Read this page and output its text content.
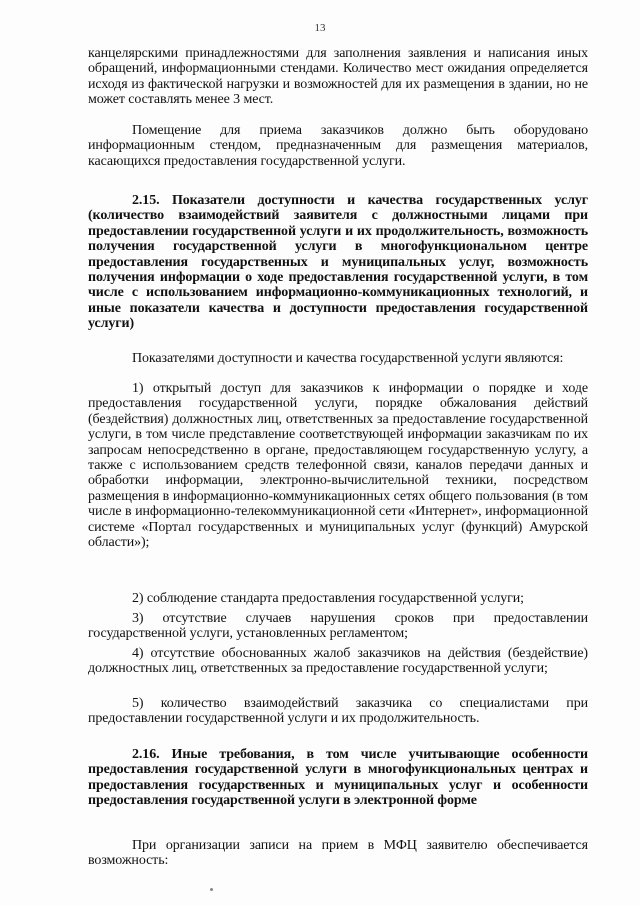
13
канцелярскими принадлежностями для заполнения заявления и написания иных обращений, информационными стендами. Количество мест ожидания определяется исходя из фактической нагрузки и возможностей для их размещения в здании, но не может составлять менее 3 мест.
Помещение для приема заказчиков должно быть оборудовано информационным стендом, предназначенным для размещения материалов, касающихся предоставления государственной услуги.
2.15. Показатели доступности и качества государственных услуг (количество взаимодействий заявителя с должностными лицами при предоставлении государственной услуги и их продолжительность, возможность получения государственной услуги в многофункциональном центре предоставления государственных и муниципальных услуг, возможность получения информации о ходе предоставления государственной услуги, в том числе с использованием информационно-коммуникационных технологий, и иные показатели качества и доступности предоставления государственной услуги)
Показателями доступности и качества государственной услуги являются:
1) открытый доступ для заказчиков к информации о порядке и ходе предоставления государственной услуги, порядке обжалования действий (бездействия) должностных лиц, ответственных за предоставление государственной услуги, в том числе представление соответствующей информации заказчикам по их запросам непосредственно в органе, предоставляющем государственную услугу, а также с использованием средств телефонной связи, каналов передачи данных и обработки информации, электронно-вычислительной техники, посредством размещения в информационно-коммуникационных сетях общего пользования (в том числе в информационно-телекоммуникационной сети «Интернет», информационной системе «Портал государственных и муниципальных услуг (функций) Амурской области»);
2) соблюдение стандарта предоставления государственной услуги;
3) отсутствие случаев нарушения сроков при предоставлении государственной услуги, установленных регламентом;
4) отсутствие обоснованных жалоб заказчиков на действия (бездействие) должностных лиц, ответственных за предоставление государственной услуги;
5) количество взаимодействий заказчика со специалистами при предоставлении государственной услуги и их продолжительность.
2.16. Иные требования, в том числе учитывающие особенности предоставления государственной услуги в многофункциональных центрах и предоставления государственных и муниципальных услуг и особенности предоставления государственной услуги в электронной форме
При организации записи на прием в МФЦ заявителю обеспечивается возможность:
